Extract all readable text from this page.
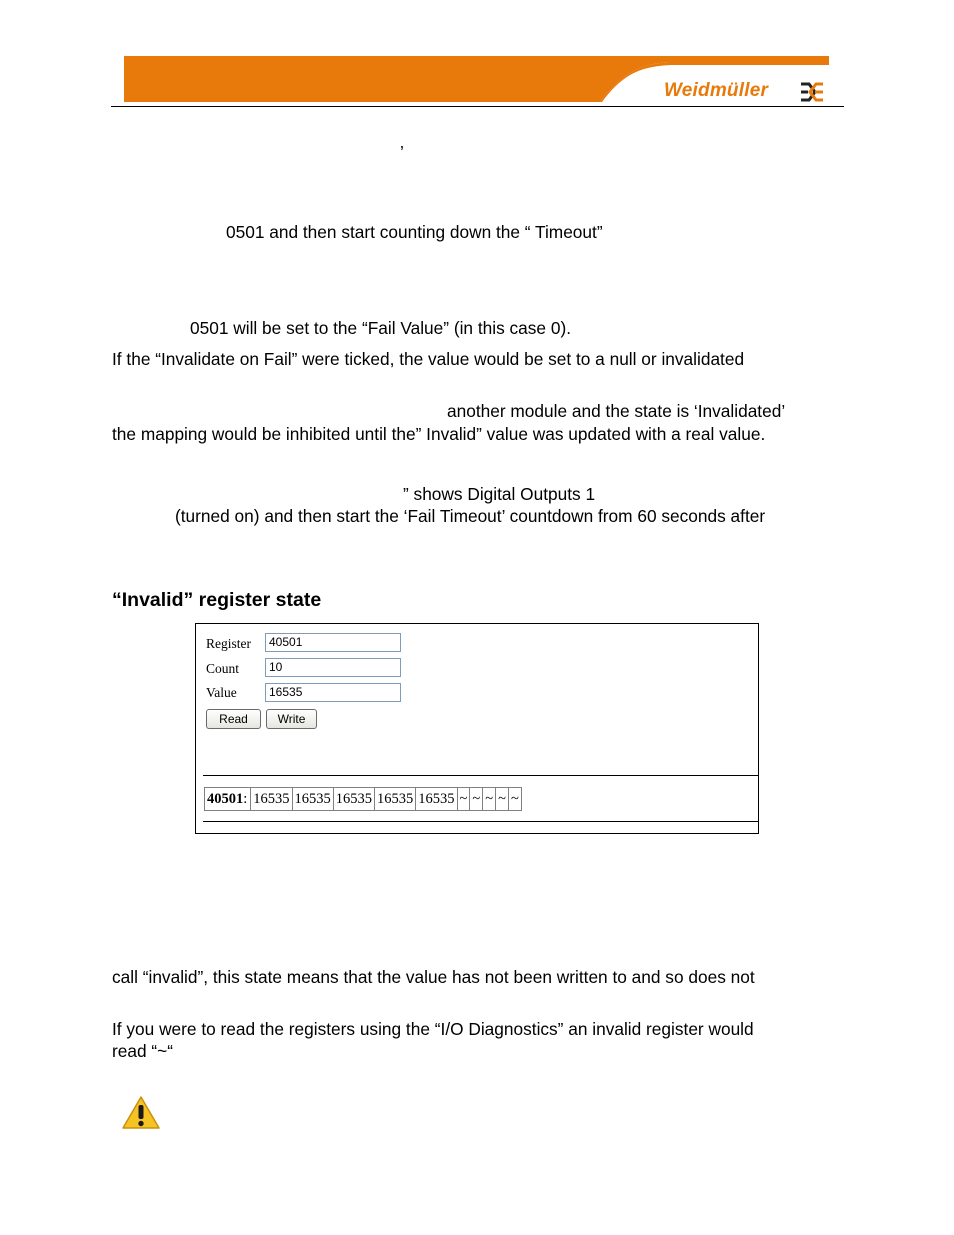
Weidmüller
’
0501 and then start counting down the “ Timeout”
0501 will be set to the “Fail Value” (in this case 0).
If the “Invalidate on Fail” were ticked, the value would be set to a null or invalidated
another module and the state is ‘Invalidated’
the mapping would be inhibited until the” Invalid” value was updated with a real value.
” shows Digital Outputs 1
(turned on) and then start the ‘Fail Timeout’ countdown from 60 seconds after
“Invalid” register state
Register	40501
Count	10
Value	16535
Read	Write
40501:	16535	16535	16535	16535	16535	~	~	~	~	~
call “invalid”, this state means that the value has not been written to and so does not
If you were to read the registers using the “I/O Diagnostics” an invalid register would
read “~“
